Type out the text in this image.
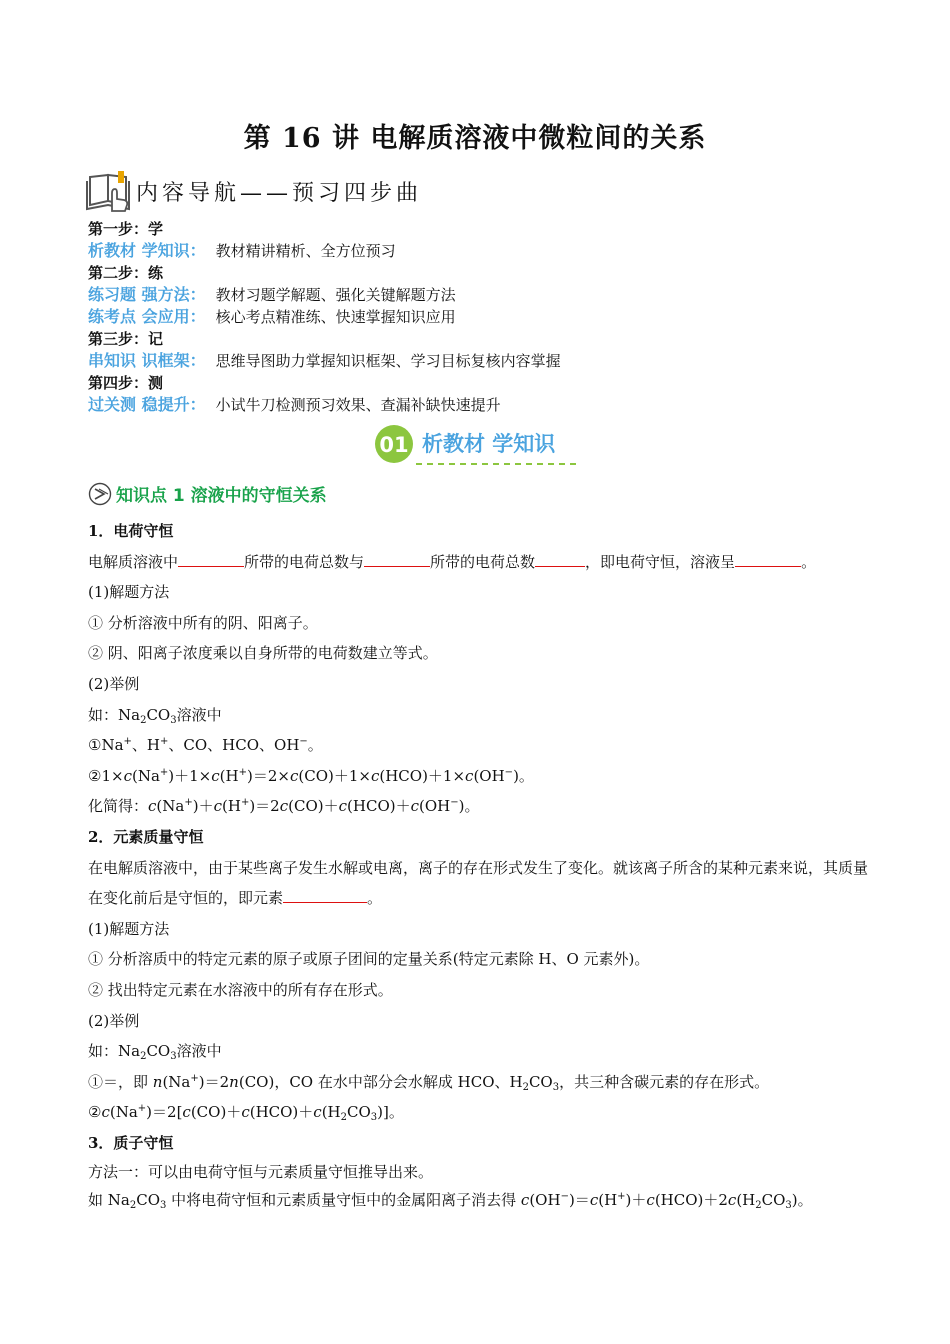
第 16 讲 电解质溶液中微粒间的关系
内容导航——预习四步曲
第一步：学
析教材 学知识： 教材精讲精析、全方位预习
第二步：练
练习题 强方法： 教材习题学解题、强化关键解题方法
练考点 会应用： 核心考点精准练、快速掌握知识应用
第三步：记
串知识 识框架： 思维导图助力掌握知识框架、学习目标复核内容掌握
第四步：测
过关测 稳提升： 小试牛刀检测预习效果、查漏补缺快速提升
01 析教材 学知识
知识点 1 溶液中的守恒关系

1．电荷守恒

电解质溶液中	所带的电荷总数与	所带的电荷总数	，即电荷守恒，溶液呈	。

(1)解题方法

① 分析溶液中所有的阴、阳离子。

② 阴、阳离子浓度乘以自身所带的电荷数建立等式。

(2)举例

如：$Na_2CO_3$溶液中

①Na+、H+、CO、HCO、OH−。

②1×c(Na+)＋1×c(H+)＝2×c(CO)＋1×c(HCO)＋1×c(OH−)。

化简得：c(Na+)＋c(H+)＝2c(CO)＋c(HCO)＋c(OH−)。

2．元素质量守恒

在电解质溶液中，由于某些离子发生水解或电离，离子的存在形式发生了变化。就该离子所含的某种元素来说，其质量在变化前后是守恒的，即元素	。

(1)解题方法

① 分析溶质中的特定元素的原子或原子团间的定量关系(特定元素除 H、O 元素外)。

② 找出特定元素在水溶液中的所有存在形式。

(2)举例

如：$Na_2CO_3$溶液中

①＝，即 n(Na+)＝2n(CO)，CO 在水中部分会水解成 HCO、$H_2CO_3$，共三种含碳元素的存在形式。

$②c(Na^+)=2[c(CO)+c(HCO)+c(H_2CO_3)]$。

3．质子守恒

方法一：可以由电荷守恒与元素质量守恒推导出来。

如 $Na_2CO_3$ 中将电荷守恒和元素质量守恒中的金属阳离子消去得 $c(OH^-)=c(H^+)+c(HCO)+2c(H_2CO_3)$。
